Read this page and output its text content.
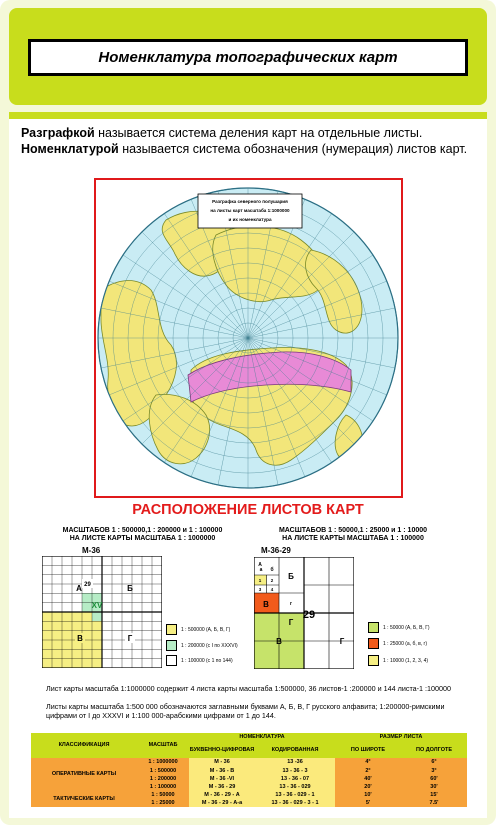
Номенклатура топографических карт
Разграфкой называется система деления карт на отдельные листы.
Номенклатурой называется система обозначения (нумерация) листов карт.
Разграфка северного полушария
на листы карт масштаба 1:1000000
и их номенклатура
РАСПОЛОЖЕНИЕ ЛИСТОВ КАРТ
МАСШТАБОВ 1 : 500000,1 : 200000 и 1 : 100000
НА ЛИСТЕ КАРТЫ МАСШТАБА 1 : 1000000
М-36
29
А	Б
XV
В	Г
1 : 500000 (А, Б, В, Г)
1 : 200000 (с I по XXXVI)
1 : 100000 (с 1 по 144)
МАСШТАБОВ 1 : 50000,1 : 25000 и 1 : 10000
НА ЛИСТЕ КАРТЫ МАСШТАБА 1 : 100000
М-36-29
1 2
3 4
б
а
г
Б
В
Г
В	Г
29
А
1 : 50000 (А, Б, В, Г)
1 : 25000 (а, б, в, г)
1 : 10000 (1, 2, 3, 4)
Лист карты масштаба 1:1000000 содержит 4 листа карты масштаба 1:500000, 36 листов-1 :200000 и 144 листа-1 :100000
Листы карты масштаба 1:500 000 обозначаются заглавными буквами А, Б, В, Г русского алфавита; 1:200000-римскими цифрами от I до XXXVI и 1:100 000-арабскими цифрами от 1 до 144.
КЛАССИФИКАЦИЯ	МАСШТАБ	НОМЕНКЛАТУРА		РАЗМЕР ЛИСТА	
		БУКВЕННО-ЦИФРОВАЯ	КОДИРОВАННАЯ	ПО ШИРОТЕ	ПО ДОЛГОТЕ

ОПЕРАТИВНЫЕ КАРТЫ	1 : 1000000	М - 36	13 -36	4°	6°
	1 : 500000	М - 36 - В	13 - 36 - 3	2°	3°
	1 : 200000	М - 36 -VI	13 - 36 - 07	40'	60'
	1 : 100000	М - 36 - 29	13 - 36 - 029	20'	30'
ТАКТИЧЕСКИЕ КАРТЫ	1 : 50000	М - 36 - 29 - А	13 - 36 - 029 - 1	10'	15'
	1 : 25000	М - 36 - 29 - А-а	13 - 36 - 029 - 3 - 1	5'	7.5'
